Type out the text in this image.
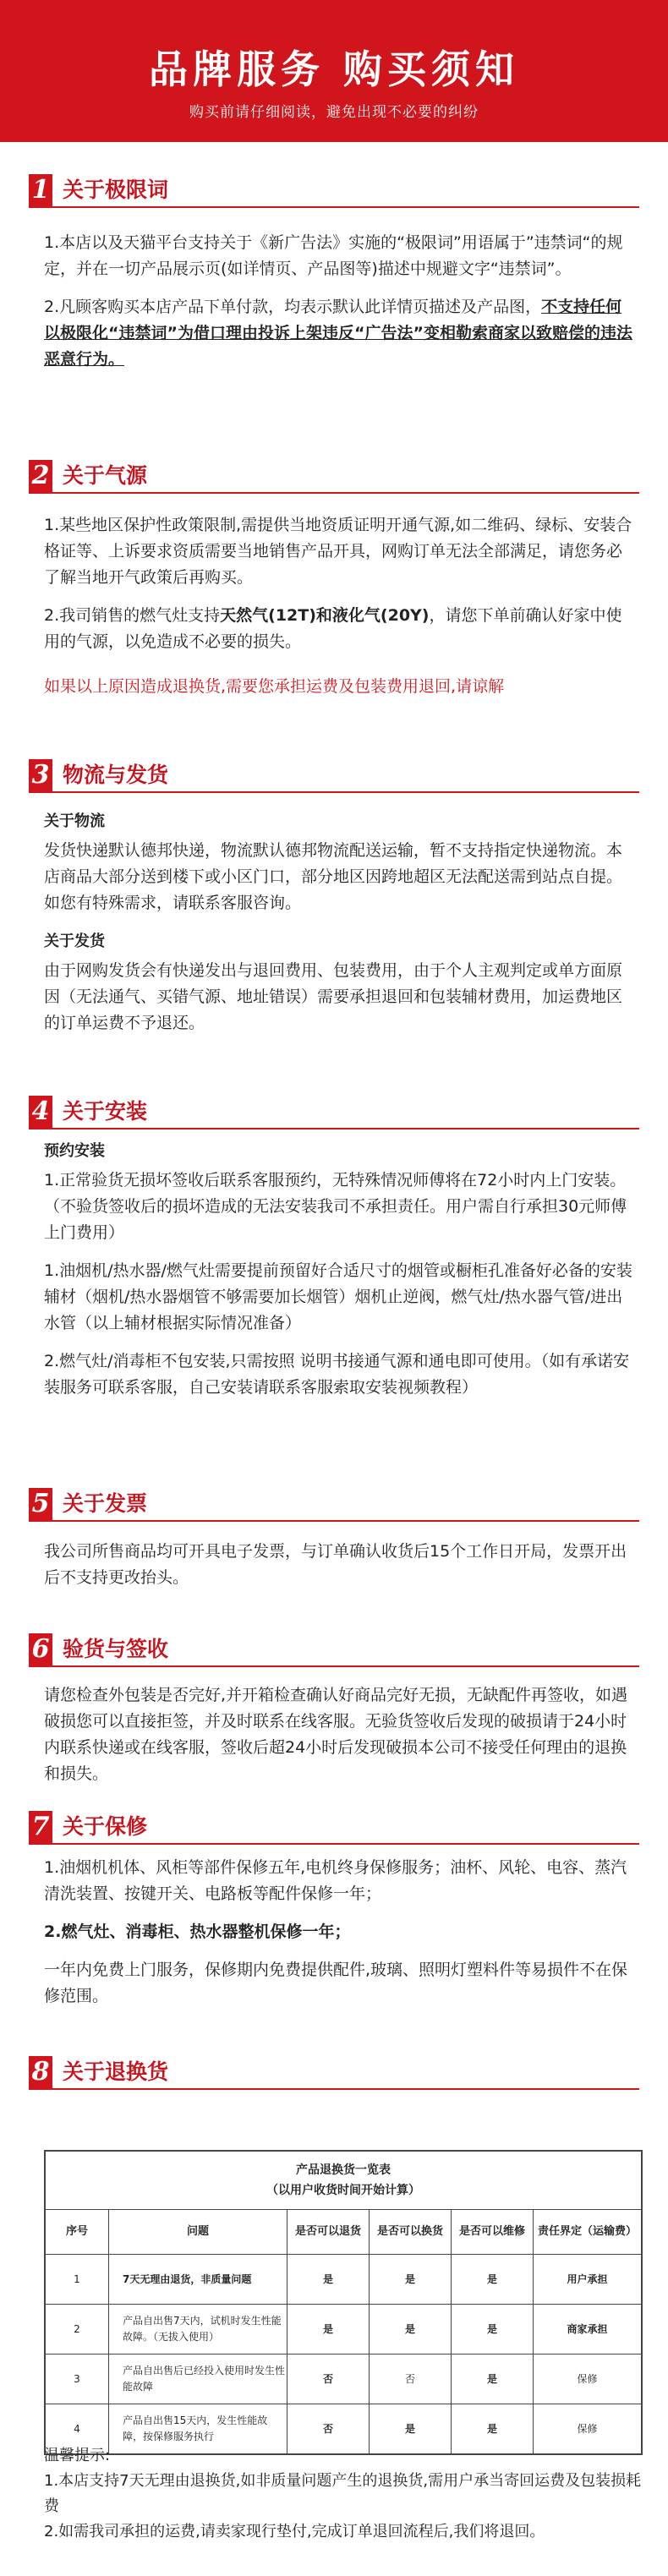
品牌服务 购买须知
购买前请仔细阅读，避免出现不必要的纠纷
1 关于极限词

1.本店以及天猫平台支持关于《新广告法》实施的“极限词”用语属于”违禁词“的规定，并在一切产品展示页(如详情页、产品图等)描述中规避文字“违禁词”。

2.凡顾客购买本店产品下单付款，均表示默认此详情页描述及产品图，不支持任何以极限化“违禁词”为借口理由投诉上架违反“广告法”变相勒索商家以致赔偿的违法恶意行为。

2 关于气源

1.某些地区保护性政策限制,需提供当地资质证明开通气源,如二维码、绿标、安装合格证等、上诉要求资质需要当地销售产品开具，网购订单无法全部满足，请您务必了解当地开气政策后再购买。

2.我司销售的燃气灶支持天然气(12T)和液化气(20Y)，请您下单前确认好家中使用的气源，以免造成不必要的损失。

如果以上原因造成退换货,需要您承担运费及包装费用退回,请谅解

3 物流与发货
关于物流

发货快递默认德邦快递，物流默认德邦物流配送运输，暂不支持指定快递物流。本店商品大部分送到楼下或小区门口，部分地区因跨地超区无法配送需到站点自提。如您有特殊需求，请联系客服咨询。

关于发货

由于网购发货会有快递发出与退回费用、包装费用，由于个人主观判定或单方面原因（无法通气、买错气源、地址错误）需要承担退回和包装辅材费用，加运费地区的订单运费不予退还。

4 关于安装
预约安装

1.正常验货无损坏签收后联系客服预约，无特殊情况师傅将在72小时内上门安装。（不验货签收后的损坏造成的无法安装我司不承担责任。用户需自行承担30元师傅上门费用）

1.油烟机/热水器/燃气灶需要提前预留好合适尺寸的烟管或橱柜孔准备好必备的安装辅材（烟机/热水器烟管不够需要加长烟管）烟机止逆阀，燃气灶/热水器气管/进出水管（以上辅材根据实际情况准备）

2.燃气灶/消毒柜不包安装,只需按照 说明书接通气源和通电即可使用。（如有承诺安装服务可联系客服，自己安装请联系客服索取安装视频教程）

5 关于发票

我公司所售商品均可开具电子发票，与订单确认收货后15个工作日开局，发票开出后不支持更改抬头。

6 验货与签收

请您检查外包装是否完好,并开箱检查确认好商品完好无损，无缺配件再签收，如遇破损您可以直接拒签，并及时联系在线客服。无验货签收后发现的破损请于24小时内联系快递或在线客服，签收后超24小时后发现破损本公司不接受任何理由的退换和损失。

7 关于保修

1.油烟机机体、风柜等部件保修五年,电机终身保修服务；油杯、风轮、电容、蒸汽清洗装置、按键开关、电路板等配件保修一年；

2.燃气灶、消毒柜、热水器整机保修一年；

一年内免费上门服务，保修期内免费提供配件,玻璃、照明灯塑料件等易损件不在保修范围。

8 关于退换货
产品退换货一览表
（以用户收货时间开始计算）					

序号	问题	是否可以退货	是否可以换货	是否可以维修	责任界定（运输费）
1	7天无理由退货，非质量问题	是	是	是	用户承担
2	产品自出售7天内，试机时发生性能故障。（无拔入使用）	是	是	是	商家承担
3	产品自出售后已经投入使用时发生性能故障	否	否	是	保修
4	产品自出售15天内，发生性能故障，按保修服务执行	否	是	是	保修
温馨提示:
1.本店支持7天无理由退换货,如非质量问题产生的退换货,需用户承当寄回运费及包装损耗费
2.如需我司承担的运费,请卖家现行垫付,完成订单退回流程后,我们将退回。
